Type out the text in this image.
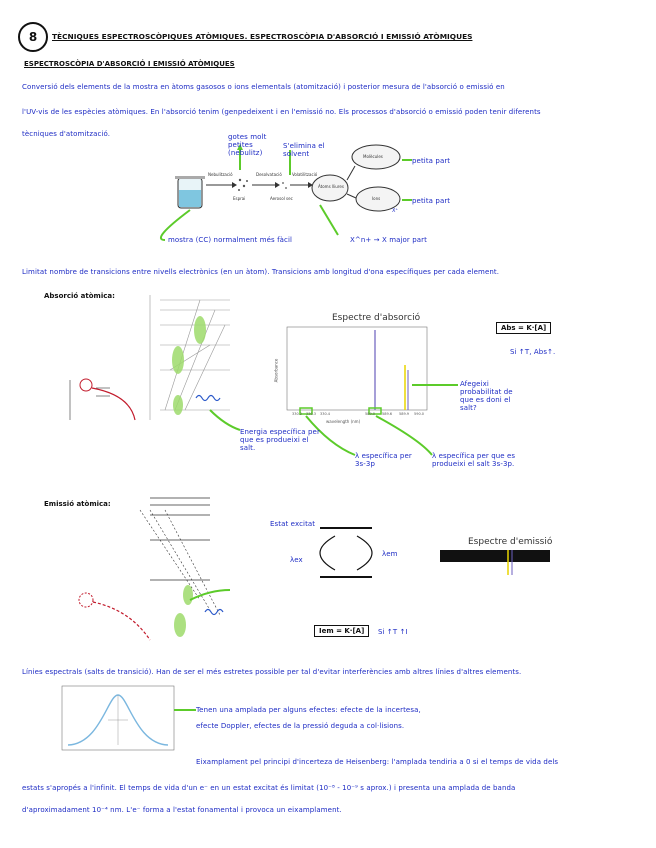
8	TÈCNIQUES ESPECTROSCÒPIQUES ATÒMIQUES. ESPECTROSCÒPIA D'ABSORCIÓ I EMISSIÓ ATÒMIQUES
ESPECTROSCÒPIA D'ABSORCIÓ I EMISSIÓ ATÒMIQUES
Conversió dels elements de la mostra en àtoms gasosos o ions elementals (atomització) i posterior mesura de l'absorció o emissió en
l'UV-vis de les espècies atòmiques. En l'absorció tenim (genpedeixent i en l'emissió no. Els processos d'absorció o emissió poden tenir diferents
tècniques d'atomització.	gotes molt petites (nebulitz)
S'elimina el solvent
petita part
petita part
X^n+ → X major part
mostra (CC) normalment més fàcil
Nebulització	Desolvatació	Volatilització
Esprai	Aerosol sec
Àtoms lliures
Molècules
Ions
X⁺
Limitat nombre de transicions entre nivells electrònics (en un àtom). Transicions amb longitud d'ona específiques per cada element.
Absorció atòmica:
Espectre d'absorció
wavelength (nm)
Absorbance
Abs = K·[A]
Si ↑T, Abs↑.
Afegeixi probabilitat de que es doni el salt?
Energia específica per que es produeixi el salt.
λ específica per 3s-3p
λ específica per que es produeixi el salt 3s-3p.
Emissió atòmica:
Estat excitat
λex
λem
Espectre d'emissió
Iem = K·[A]	Si ↑T ↑I
Línies espectrals (salts de transició). Han de ser el més estretes possible per tal d'evitar interferències amb altres línies d'altres elements.
Tenen una amplada per alguns efectes: efecte de la incertesa,
efecte Doppler, efectes de la pressió deguda a col·lisions.
Eixamplament pel principi d'incerteza de Heisenberg: l'amplada tendiria a 0 si el temps de vida dels
estats s'apropés a l'infinit. El temps de vida d'un e⁻ en un estat excitat és limitat (10⁻⁸ - 10⁻⁹ s aprox.) i presenta una amplada de banda
d'aproximadament 10⁻⁴ nm. L'e⁻ forma a l'estat fonamental i provoca un eixamplament.
330.2 330.3 330.4	589.0 589.6 589.9 590.0
